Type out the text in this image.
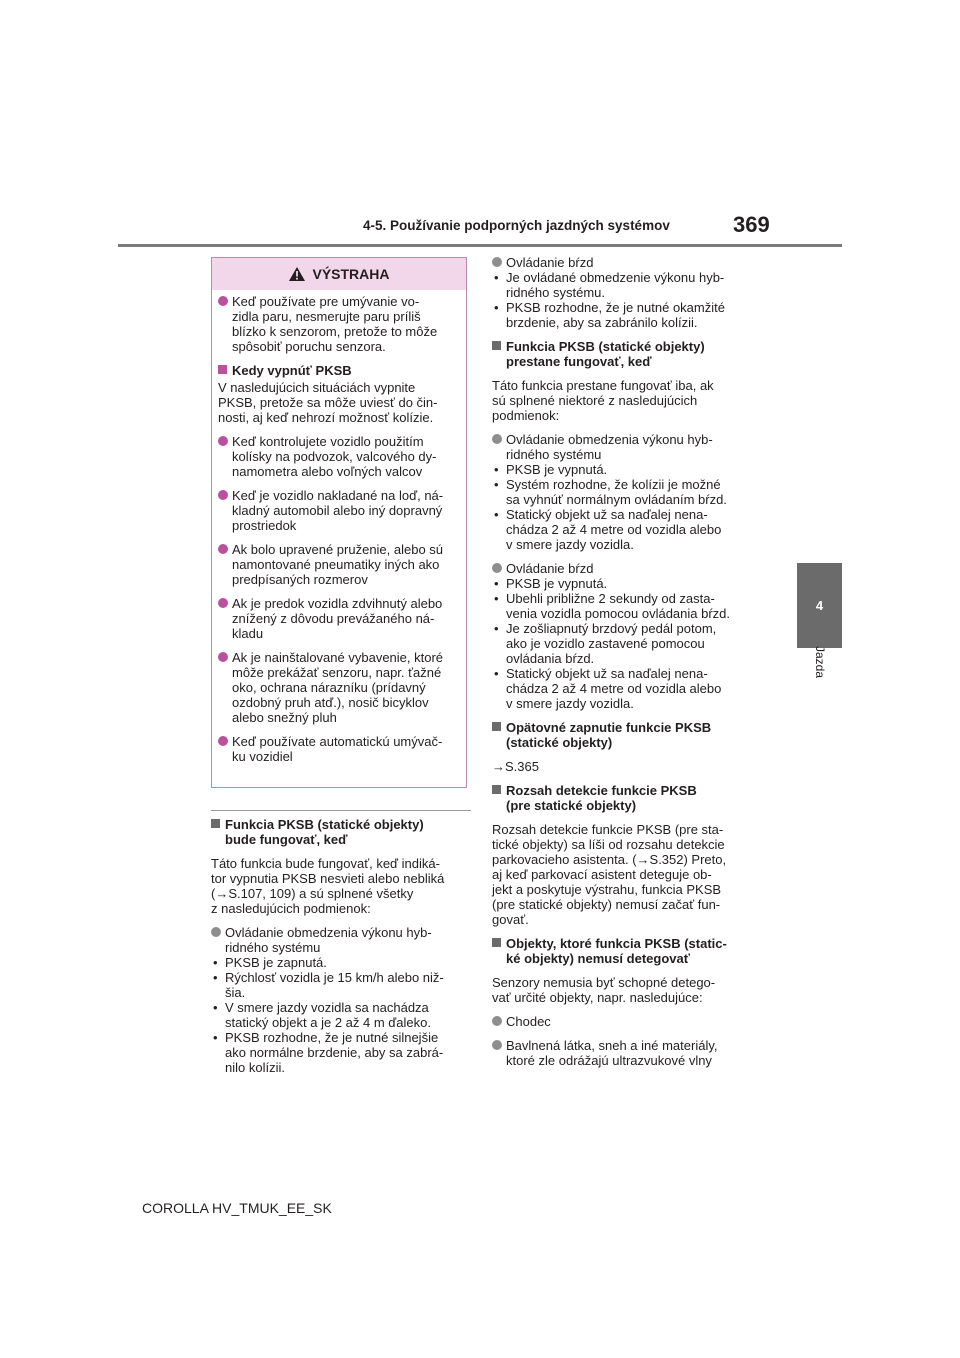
4-5. Používanie podporných jazdných systémov	369
4
Jazda
VÝSTRAHA
Keď používate pre umývanie vo-
zidla paru, nesmerujte paru príliš
blízko k senzorom, pretože to môže
spôsobiť poruchu senzora.
Kedy vypnúť PKSB
V nasledujúcich situáciách vypnite
PKSB, pretože sa môže uviesť do čin-
nosti, aj keď nehrozí možnosť kolízie.
Keď kontrolujete vozidlo použitím
kolísky na podvozok, valcového dy-
namometra alebo voľných valcov
Keď je vozidlo nakladané na loď, ná-
kladný automobil alebo iný dopravný
prostriedok
Ak bolo upravené pruženie, alebo sú
namontované pneumatiky iných ako
predpísaných rozmerov
Ak je predok vozidla zdvihnutý alebo
znížený z dôvodu prevážaného ná-
kladu
Ak je nainštalované vybavenie, ktoré
môže prekážať senzoru, napr. ťažné
oko, ochrana nárazníku (prídavný
ozdobný pruh atď.), nosič bicyklov
alebo snežný pluh
Keď používate automatickú umývač-
ku vozidiel
Funkcia PKSB (statické objekty)
bude fungovať, keď
Táto funkcia bude fungovať, keď indiká-
tor vypnutia PKSB nesvieti alebo nebliká
(→S.107, 109) a sú splnené všetky
z nasledujúcich podmienok:
Ovládanie obmedzenia výkonu hyb-
ridného systému
• PKSB je zapnutá.
• Rýchlosť vozidla je 15 km/h alebo niž-
šia.
• V smere jazdy vozidla sa nachádza
statický objekt a je 2 až 4 m ďaleko.
• PKSB rozhodne, že je nutné silnejšie
ako normálne brzdenie, aby sa zabrá-
nilo kolízii.
Ovládanie bŕzd
• Je ovládané obmedzenie výkonu hyb-
ridného systému.
• PKSB rozhodne, že je nutné okamžité
brzdenie, aby sa zabránilo kolízii.
Funkcia PKSB (statické objekty)
prestane fungovať, keď
Táto funkcia prestane fungovať iba, ak
sú splnené niektoré z nasledujúcich
podmienok:
Ovládanie obmedzenia výkonu hyb-
ridného systému
• PKSB je vypnutá.
• Systém rozhodne, že kolízii je možné
sa vyhnúť normálnym ovládaním bŕzd.
• Statický objekt už sa naďalej nena-
chádza 2 až 4 metre od vozidla alebo
v smere jazdy vozidla.
Ovládanie bŕzd
• PKSB je vypnutá.
• Ubehli približne 2 sekundy od zasta-
venia vozidla pomocou ovládania bŕzd.
• Je zošliapnutý brzdový pedál potom,
ako je vozidlo zastavené pomocou
ovládania bŕzd.
• Statický objekt už sa naďalej nena-
chádza 2 až 4 metre od vozidla alebo
v smere jazdy vozidla.
Opätovné zapnutie funkcie PKSB
(statické objekty)
→S.365
Rozsah detekcie funkcie PKSB
(pre statické objekty)
Rozsah detekcie funkcie PKSB (pre sta-
tické objekty) sa líši od rozsahu detekcie
parkovacieho asistenta. (→S.352) Preto,
aj keď parkovací asistent deteguje ob-
jekt a poskytuje výstrahu, funkcia PKSB
(pre statické objekty) nemusí začať fun-
govať.
Objekty, ktoré funkcia PKSB (static-
ké objekty) nemusí detegovať
Senzory nemusia byť schopné detego-
vať určité objekty, napr. nasledujúce:
Chodec
Bavlnená látka, sneh a iné materiály,
ktoré zle odrážajú ultrazvukové vlny
COROLLA HV_TMUK_EE_SK
